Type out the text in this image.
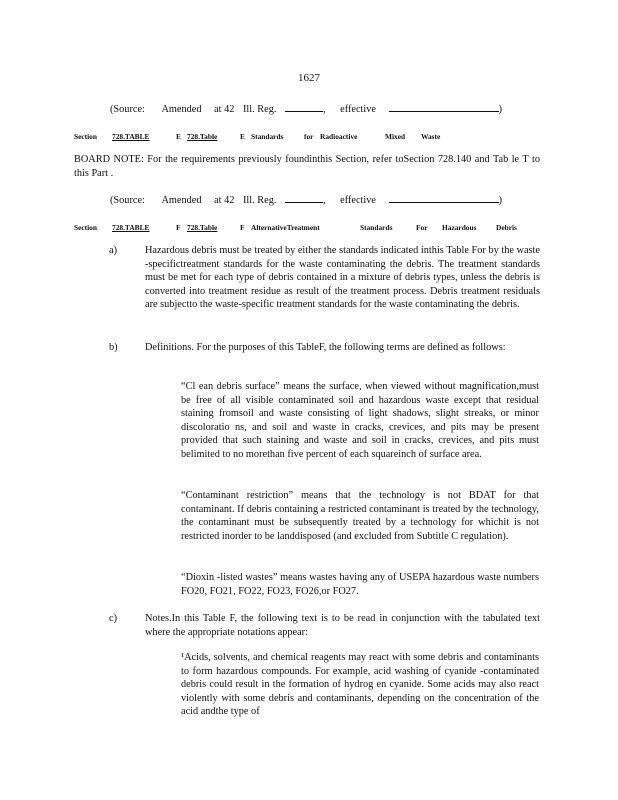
1627
(Source: Amended at 42 Ill. Reg.	, effective	)
Section 728.TABLE	E 728.Table	E Standards	for Radioactive	Mixed Waste
BOARD NOTE: For the requirements previously foundinthis Section, refer toSection 728.140 and Tab le T to this Part .
(Source: Amended at 42 Ill. Reg.	, effective	)
Section 728.TABLE	F 728.Table	F AlternativeTreatment	Standards	For Hazardous	Debris
a)	Hazardous debris must be treated by either the standards indicated inthis Table For by the waste -specifictreatment standards for the waste contaminating the debris. The treatment standards must be met for each type of debris contained in a mixture of debris types, unless the debris is converted into treatment residue as result of the treatment process. Debris treatment residuals are subjectto the waste-specific treatment standards for the waste contaminating the debris.
b)	Definitions. For the purposes of this TableF, the following terms are defined as follows:
“Cl ean debris surface” means the surface, when viewed without magnification,must be free of all visible contaminated soil and hazardous waste except that residual staining fromsoil and waste consisting of light shadows, slight streaks, or minor discoloratio ns, and soil and waste in cracks, crevices, and pits may be present provided that such staining and waste and soil in cracks, crevices, and pits must belimited to no morethan five percent of each squareinch of surface area.
“Contaminant restriction” means that the technology is not BDAT for that contaminant. If debris containing a restricted contaminant is treated by the technology, the contaminant must be subsequently treated by a technology for whichit is not restricted inorder to be landdisposed (and excluded from Subtitle C regulation).
“Dioxin -listed wastes” means wastes having any of USEPA hazardous waste numbers FO20, FO21, FO22, FO23, FO26,or FO27.
c)	Notes.In this Table F, the following text is to be read in conjunction with the tabulated text where the appropriate notations appear:
¹Acids, solvents, and chemical reagents may react with some debris and contaminants to form hazardous compounds. For example, acid washing of cyanide -contaminated debris could result in the formation of hydrog en cyanide. Some acids may also react violently with some debris and contaminants, depending on the concentration of the acid andthe type of
